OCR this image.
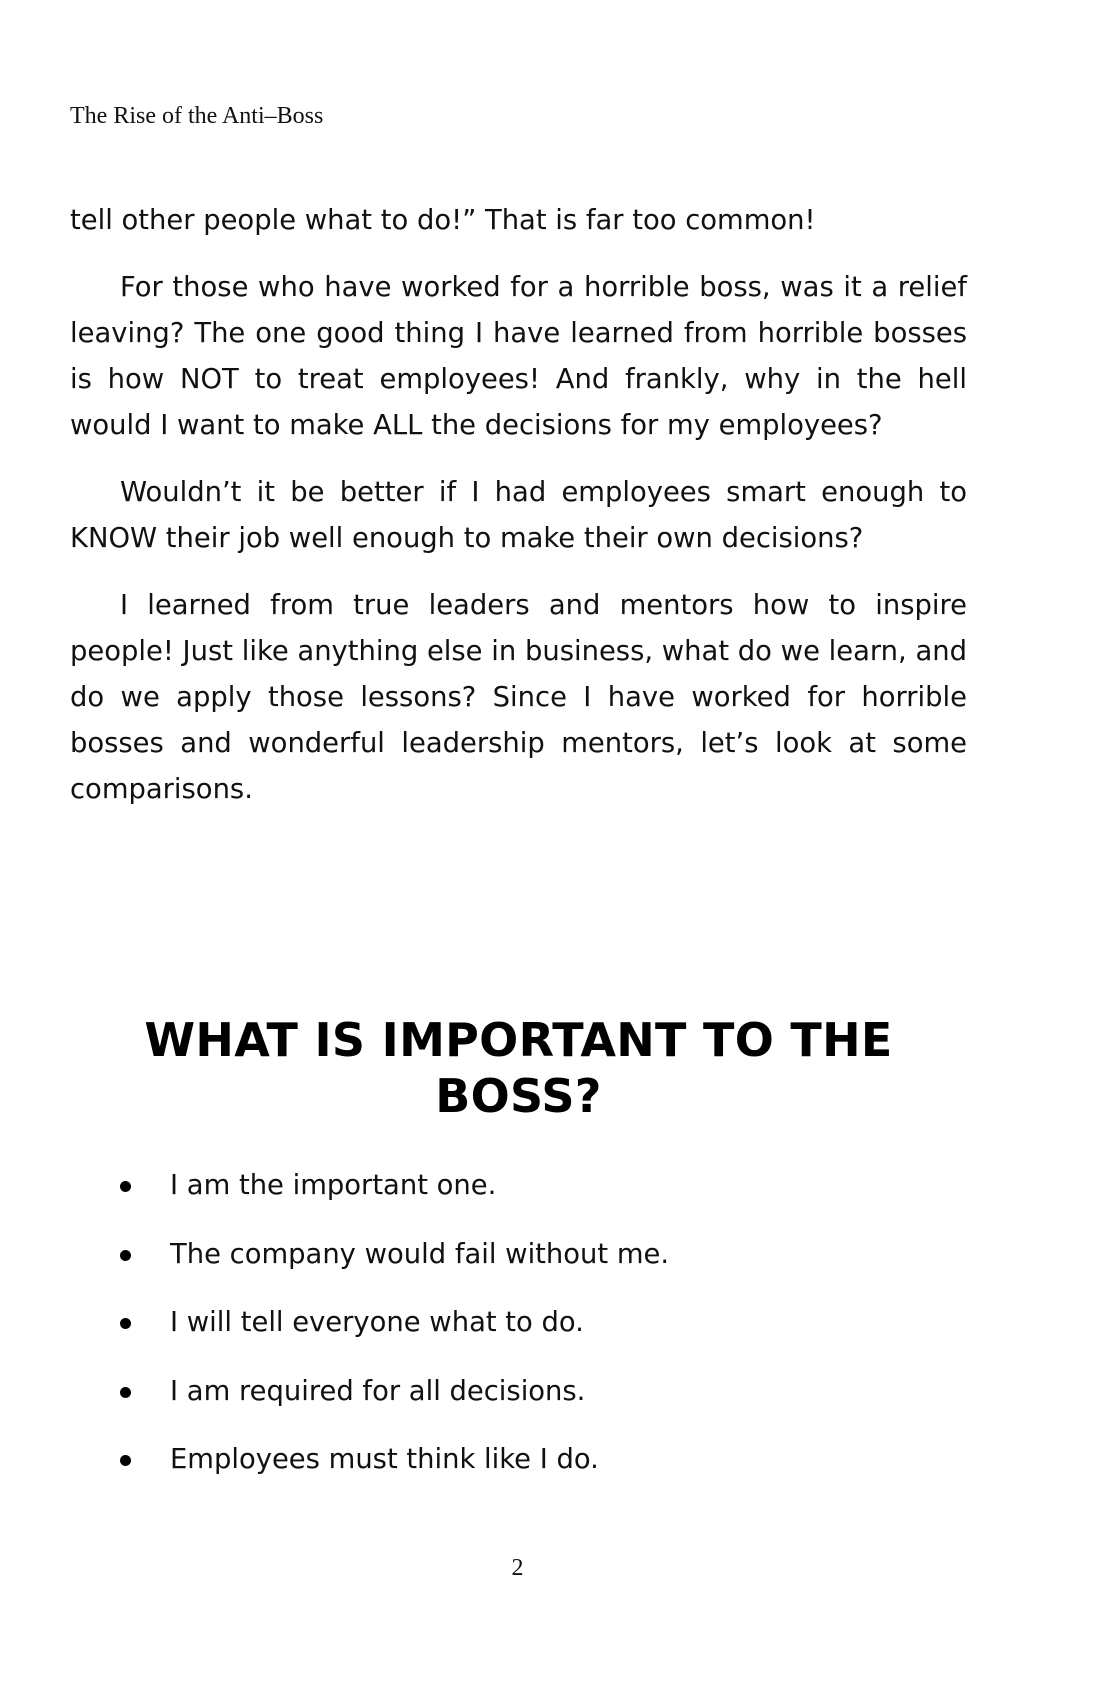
The Rise of the Anti–Boss

tell other people what to do!” That is far too common!

For those who have worked for a horrible boss, was it a relief leaving? The one good thing I have learned from horrible bosses is how NOT to treat employees! And frankly, why in the hell would I want to make ALL the decisions for my employees?

Wouldn’t it be better if I had employees smart enough to KNOW their job well enough to make their own decisions?

I learned from true leaders and mentors how to inspire people! Just like anything else in business, what do we learn, and do we apply those lessons? Since I have worked for horrible bosses and wonderful leadership mentors, let’s look at some comparisons.

WHAT IS IMPORTANT TO THE BOSS?
I am the important one.
The company would fail without me.
I will tell everyone what to do.
I am required for all decisions.
Employees must think like I do.
2
